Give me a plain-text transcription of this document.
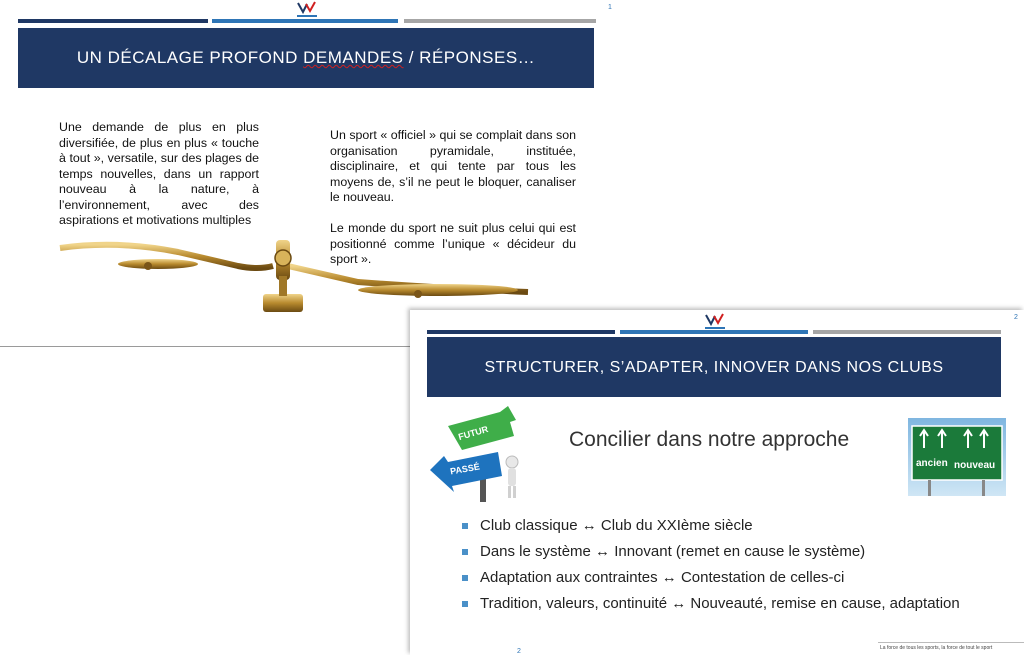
1
UN DÉCALAGE PROFOND DEMANDES / RÉPONSES…
Une demande de plus en plus diversifiée, de plus en plus « touche à tout », versatile, sur des plages de temps nouvelles, dans un rapport nouveau à la nature, à l’environnement, avec des aspirations et motivations multiples
Un sport « officiel » qui se complait dans son organisation pyramidale, instituée, disciplinaire, et qui tente par tous les moyens de, s’il ne peut le bloquer, canaliser le nouveau.
Le monde du sport ne suit plus celui qui est positionné comme l’unique « décideur du sport ».
2
STRUCTURER, S’ADAPTER, INNOVER DANS NOS CLUBS
FUTUR
PASSÉ
Concilier dans notre approche
ancien nouveau
Club classique ↔ Club du XXIème siècle
Dans le système ↔ Innovant (remet en cause le système)
Adaptation aux contraintes ↔ Contestation de celles-ci
Tradition, valeurs, continuité ↔ Nouveauté, remise en cause, adaptation
2	La force de tous les sports, la force de tout le sport
